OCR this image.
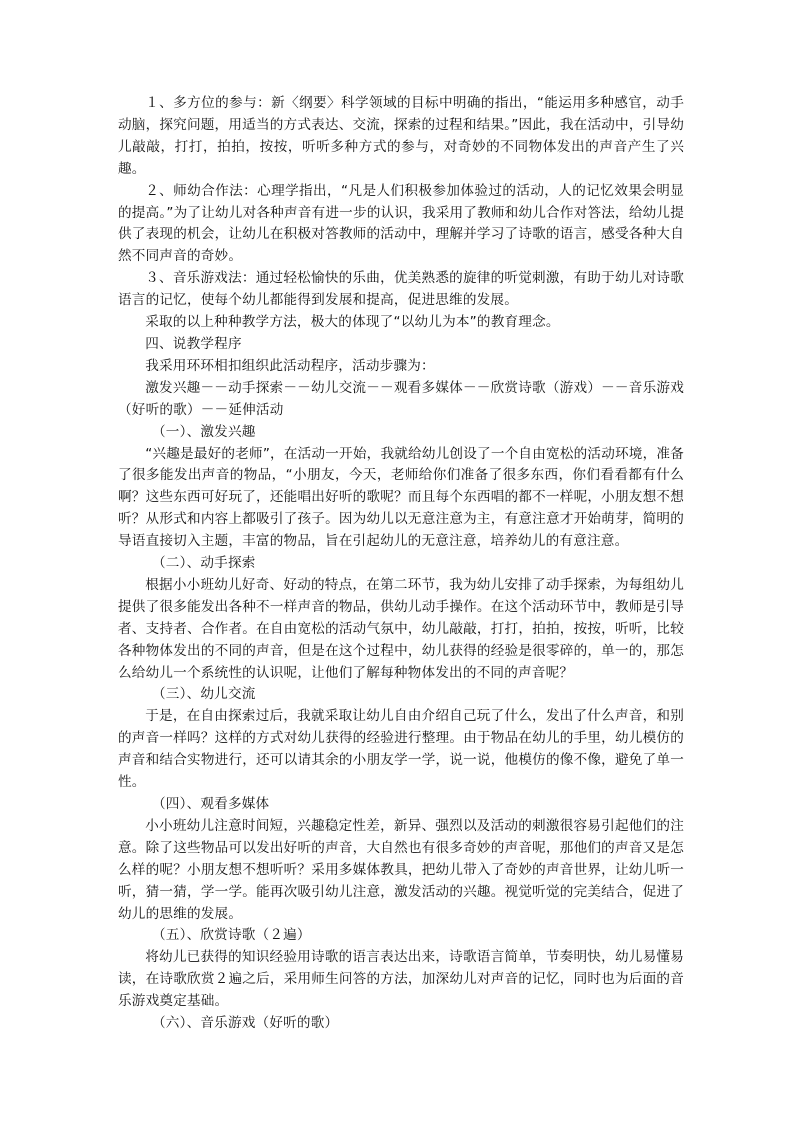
１、多方位的参与：新〈纲要〉科学领域的目标中明确的指出，“能运用多种感官，动手动脑，探究问题，用适当的方式表达、交流，探索的过程和结果。”因此，我在活动中，引导幼儿敲敲，打打，拍拍，按按，听听多种方式的参与，对奇妙的不同物体发出的声音产生了兴趣。

２、师幼合作法：心理学指出，“凡是人们积极参加体验过的活动，人的记忆效果会明显的提高。”为了让幼儿对各种声音有进一步的认识，我采用了教师和幼儿合作对答法，给幼儿提供了表现的机会，让幼儿在积极对答教师的活动中，理解并学习了诗歌的语言，感受各种大自然不同声音的奇妙。

３、音乐游戏法：通过轻松愉快的乐曲，优美熟悉的旋律的听觉刺激，有助于幼儿对诗歌语言的记忆，使每个幼儿都能得到发展和提高，促进思维的发展。

采取的以上种种教学方法，极大的体现了“以幼儿为本”的教育理念。

四、说教学程序

我采用环环相扣组织此活动程序，活动步骤为：

激发兴趣－－动手探索－－幼儿交流－－观看多媒体－－欣赏诗歌（游戏）－－音乐游戏（好听的歌）－－延伸活动

（一）、激发兴趣

“兴趣是最好的老师”，在活动一开始，我就给幼儿创设了一个自由宽松的活动环境，准备了很多能发出声音的物品，“小朋友，今天，老师给你们准备了很多东西，你们看看都有什么啊？这些东西可好玩了，还能唱出好听的歌呢？而且每个东西唱的都不一样呢，小朋友想不想听？从形式和内容上都吸引了孩子。因为幼儿以无意注意为主，有意注意才开始萌芽，简明的导语直接切入主题，丰富的物品，旨在引起幼儿的无意注意，培养幼儿的有意注意。

（二）、动手探索

根据小小班幼儿好奇、好动的特点，在第二环节，我为幼儿安排了动手探索，为每组幼儿提供了很多能发出各种不一样声音的物品，供幼儿动手操作。在这个活动环节中，教师是引导者、支持者、合作者。在自由宽松的活动气氛中，幼儿敲敲，打打，拍拍，按按，听听，比较各种物体发出的不同的声音，但是在这个过程中，幼儿获得的经验是很零碎的，单一的，那怎么给幼儿一个系统性的认识呢，让他们了解每种物体发出的不同的声音呢？

（三）、幼儿交流

于是，在自由探索过后，我就采取让幼儿自由介绍自己玩了什么，发出了什么声音，和别的声音一样吗？这样的方式对幼儿获得的经验进行整理。由于物品在幼儿的手里，幼儿模仿的声音和结合实物进行，还可以请其余的小朋友学一学，说一说，他模仿的像不像，避免了单一性。

（四）、观看多媒体

小小班幼儿注意时间短，兴趣稳定性差，新异、强烈以及活动的刺激很容易引起他们的注意。除了这些物品可以发出好听的声音，大自然也有很多奇妙的声音呢，那他们的声音又是怎么样的呢？小朋友想不想听听？采用多媒体教具，把幼儿带入了奇妙的声音世界，让幼儿听一听，猜一猜，学一学。能再次吸引幼儿注意，激发活动的兴趣。视觉听觉的完美结合，促进了幼儿的思维的发展。

（五）、欣赏诗歌（２遍）

将幼儿已获得的知识经验用诗歌的语言表达出来，诗歌语言简单，节奏明快，幼儿易懂易读，在诗歌欣赏２遍之后，采用师生问答的方法，加深幼儿对声音的记忆，同时也为后面的音乐游戏奠定基础。

（六）、音乐游戏（好听的歌）
